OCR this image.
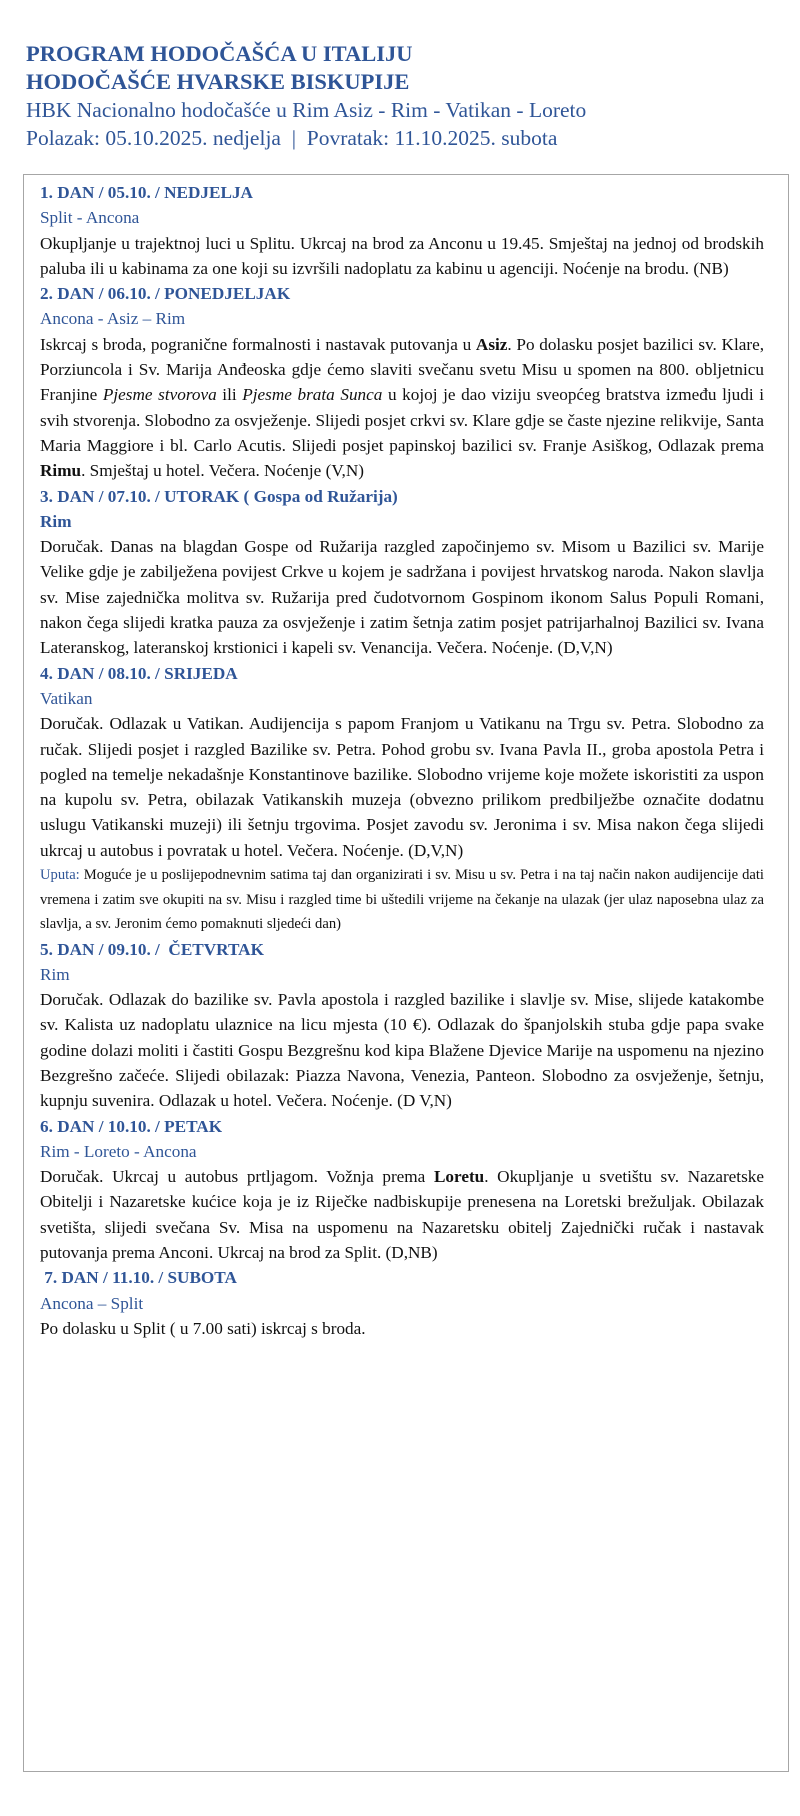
PROGRAM HODOČAŠĆA U ITALIJU
HODOČAŠĆE HVARSKE BISKUPIJE
HBK Nacionalno hodočašće u Rim Asiz - Rim - Vatikan - Loreto
Polazak: 05.10.2025. nedjelja  |  Povratak: 11.10.2025. subota
1. DAN / 05.10. / NEDJELJA
Split - Ancona
Okupljanje u trajektnoj luci u Splitu. Ukrcaj na brod za Anconu u 19.45. Smještaj na jednoj od brodskih paluba ili u kabinama za one koji su izvršili nadoplatu za kabinu u agenciji. Noćenje na brodu. (NB)
2. DAN / 06.10. / PONEDJELJAK
Ancona - Asiz – Rim
Iskrcaj s broda, pogranične formalnosti i nastavak putovanja u Asiz. Po dolasku posjet bazilici sv. Klare, Porziuncola i Sv. Marija Anđeoska gdje ćemo slaviti svečanu svetu Misu u spomen na 800. obljetnicu Franjine Pjesme stvorova ili Pjesme brata Sunca u kojoj je dao viziju sveopćeg bratstva između ljudi i svih stvorenja. Slobodno za osvježenje. Slijedi posjet crkvi sv. Klare gdje se časte njezine relikvije, Santa Maria Maggiore i bl. Carlo Acutis. Slijedi posjet papinskoj bazilici sv. Franje Asiškog, Odlazak prema Rimu. Smještaj u hotel. Večera. Noćenje (V,N)
3. DAN / 07.10. / UTORAK ( Gospa od Ružarija)
Rim
Doručak. Danas na blagdan Gospe od Ružarija razgled započinjemo sv. Misom u Bazilici sv. Marije Velike gdje je zabilježena povijest Crkve u kojem je sadržana i povijest hrvatskog naroda. Nakon slavlja sv. Mise zajednička molitva sv. Ružarija pred čudotvornom Gospinom ikonom Salus Populi Romani, nakon čega slijedi kratka pauza za osvježenje i zatim šetnja zatim posjet patrijarhalnoj Bazilici sv. Ivana Lateranskog, lateranskoj krstionici i kapeli sv. Venancija. Večera. Noćenje. (D,V,N)
4. DAN / 08.10. / SRIJEDA
Vatikan
Doručak. Odlazak u Vatikan. Audijencija s papom Franjom u Vatikanu na Trgu sv. Petra. Slobodno za ručak. Slijedi posjet i razgled Bazilike sv. Petra. Pohod grobu sv. Ivana Pavla II., groba apostola Petra i pogled na temelje nekadašnje Konstantinove bazilike. Slobodno vrijeme koje možete iskoristiti za uspon na kupolu sv. Petra, obilazak Vatikanskih muzeja (obvezno prilikom predbilježbe označite dodatnu uslugu Vatikanski muzeji) ili šetnju trgovima. Posjet zavodu sv. Jeronima i sv. Misa nakon čega slijedi ukrcaj u autobus i povratak u hotel. Večera. Noćenje. (D,V,N)
Uputa: Moguće je u poslijepodnevnim satima taj dan organizirati i sv. Misu u sv. Petra i na taj način nakon audijencije dati vremena i zatim sve okupiti na sv. Misu i razgled time bi uštedili vrijeme na čekanje na ulazak (jer ulaz naposebna ulaz za slavlja, a sv. Jeronim ćemo pomaknuti sljedeći dan)
5. DAN / 09.10. /  ČETVRTAK
Rim
Doručak. Odlazak do bazilike sv. Pavla apostola i razgled bazilike i slavlje sv. Mise, slijede katakombe sv. Kalista uz nadoplatu ulaznice na licu mjesta (10 €). Odlazak do španjolskih stuba gdje papa svake godine dolazi moliti i častiti Gospu Bezgrešnu kod kipa Blažene Djevice Marije na uspomenu na njezino Bezgrešno začeće. Slijedi obilazak: Piazza Navona, Venezia, Panteon. Slobodno za osvježenje, šetnju, kupnju suvenira. Odlazak u hotel. Večera. Noćenje. (D V,N)
6. DAN / 10.10. / PETAK
Rim - Loreto - Ancona
Doručak. Ukrcaj u autobus prtljagom. Vožnja prema Loretu. Okupljanje u svetištu sv. Nazaretske Obitelji i Nazaretske kućice koja je iz Riječke nadbiskupije prenesena na Loretski brežuljak. Obilazak svetišta, slijedi svečana Sv. Misa na uspomenu na Nazaretsku obitelj Zajednički ručak i nastavak putovanja prema Anconi. Ukrcaj na brod za Split. (D,NB)
7. DAN / 11.10. / SUBOTA
Ancona – Split
Po dolasku u Split ( u 7.00 sati) iskrcaj s broda.
